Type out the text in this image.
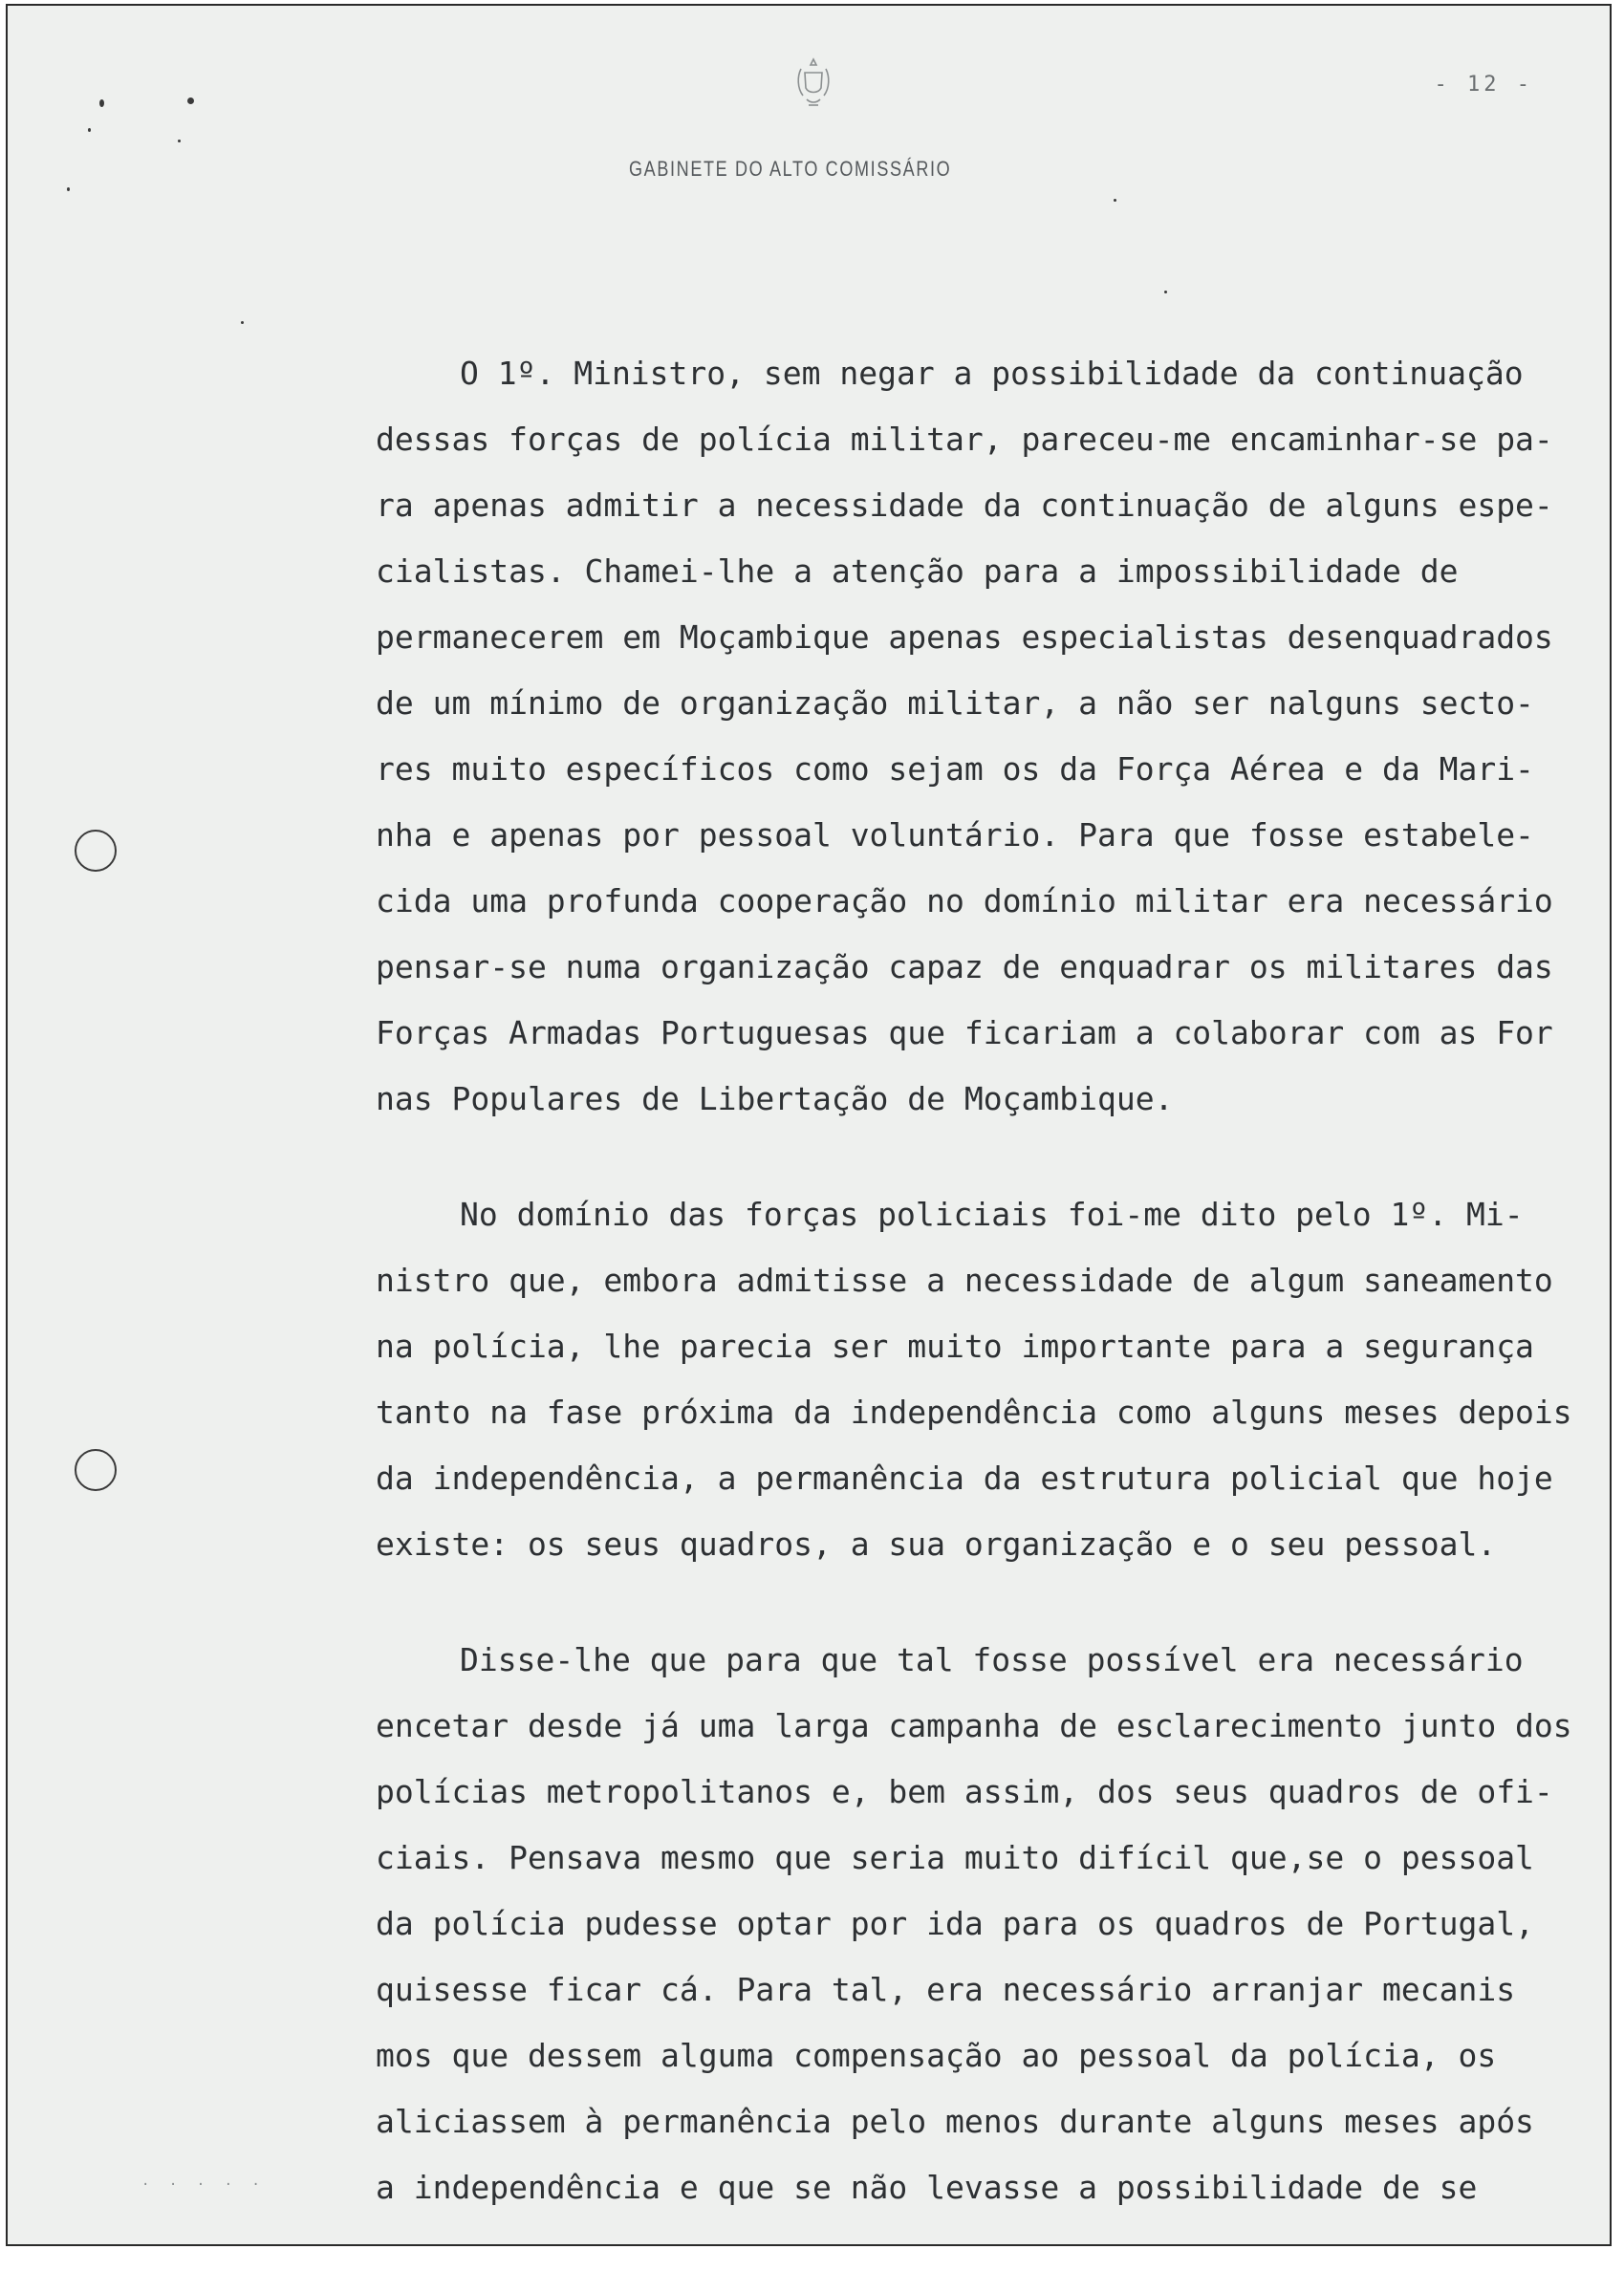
- 12 -
GABINETE DO ALTO COMISSÁRIO
O 1º. Ministro, sem negar a possibilidade da continuação
dessas forças de polícia militar, pareceu-me encaminhar-se pa-
ra apenas admitir a necessidade da continuação de alguns espe-
cialistas. Chamei-lhe a atenção para a impossibilidade de
permanecerem em Moçambique apenas especialistas desenquadrados
de um mínimo de organização militar, a não ser nalguns secto-
res muito específicos como sejam os da Força Aérea e da Mari-
nha e apenas por pessoal voluntário. Para que fosse estabele-
cida uma profunda cooperação no domínio militar era necessário
pensar-se numa organização capaz de enquadrar os militares das
Forças Armadas Portuguesas que ficariam a colaborar com as For
nas Populares de Libertação de Moçambique.
No domínio das forças policiais foi-me dito pelo 1º. Mi-
nistro que, embora admitisse a necessidade de algum saneamento
na polícia, lhe parecia ser muito importante para a segurança
tanto na fase próxima da independência como alguns meses depois
da independência, a permanência da estrutura policial que hoje
existe: os seus quadros, a sua organização e o seu pessoal.
Disse-lhe que para que tal fosse possível era necessário
encetar desde já uma larga campanha de esclarecimento junto dos
polícias metropolitanos e, bem assim, dos seus quadros de ofi-
ciais. Pensava mesmo que seria muito difícil que,se o pessoal
da polícia pudesse optar por ida para os quadros de Portugal,
quisesse ficar cá. Para tal, era necessário arranjar mecanis
mos que dessem alguma compensação ao pessoal da polícia, os
aliciassem à permanência pelo menos durante alguns meses após
a independência e que se não levasse a possibilidade de se
· · · · ·
